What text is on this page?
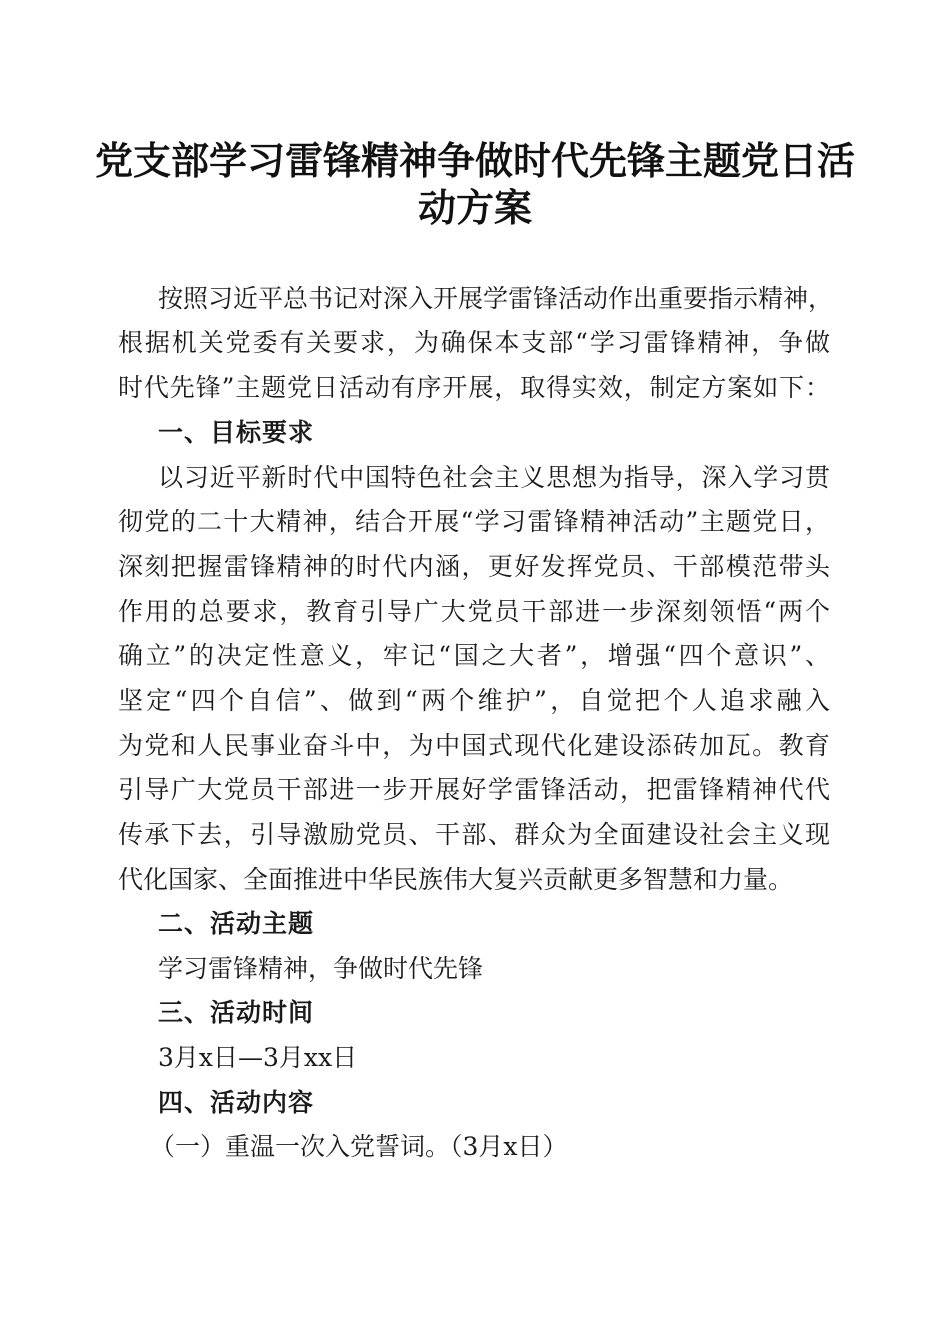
党支部学习雷锋精神争做时代先锋主题党日活
动方案
按照习近平总书记对深入开展学雷锋活动作出重要指示精神，
根据机关党委有关要求，为确保本支部“学习雷锋精神，争做
时代先锋”主题党日活动有序开展，取得实效，制定方案如下：
一、目标要求
以习近平新时代中国特色社会主义思想为指导，深入学习贯
彻党的二十大精神，结合开展“学习雷锋精神活动”主题党日，
深刻把握雷锋精神的时代内涵，更好发挥党员、干部模范带头
作用的总要求，教育引导广大党员干部进一步深刻领悟“两个
确立”的决定性意义，牢记“国之大者”，增强“四个意识”、
坚定“四个自信”、做到“两个维护”，自觉把个人追求融入
为党和人民事业奋斗中，为中国式现代化建设添砖加瓦。教育
引导广大党员干部进一步开展好学雷锋活动，把雷锋精神代代
传承下去，引导激励党员、干部、群众为全面建设社会主义现
代化国家、全面推进中华民族伟大复兴贡献更多智慧和力量。
二、活动主题
学习雷锋精神，争做时代先锋
三、活动时间
3月x日—3月xx日
四、活动内容
（一）重温一次入党誓词。（3月x日）
